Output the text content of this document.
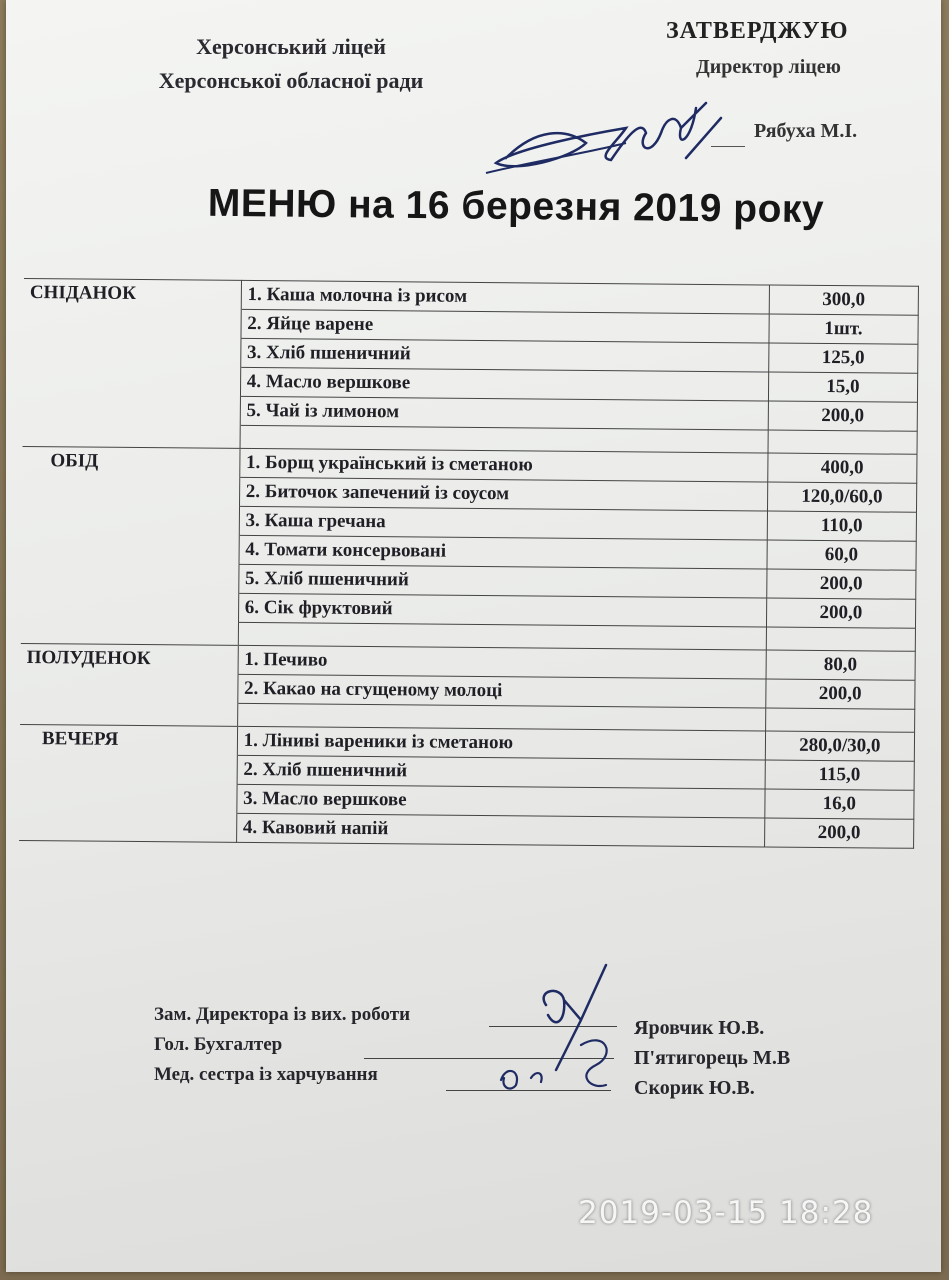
Херсонський ліцей
Херсонської обласної ради
ЗАТВЕРДЖУЮ
Директор ліцею
Рябуха М.І.
МЕНЮ на 16 березня 2019 року
СНІДАНОК	1. Каша молочна із рисом	300,0
	2. Яйце варене	1шт.
	3. Хліб пшеничний	125,0
	4. Масло вершкове	15,0
	5. Чай із лимоном	200,0

ОБІД	1. Борщ український із сметаною	400,0
	2. Биточок запечений із соусом	120,0/60,0
	3. Каша гречана	110,0
	4. Томати консервовані	60,0
	5. Хліб пшеничний	200,0
	6. Сік фруктовий	200,0

ПОЛУДЕНОК	1. Печиво	80,0
	2. Какао на сгущеному молоці	200,0

ВЕЧЕРЯ	1. Ліниві вареники із сметаною	280,0/30,0
	2. Хліб пшеничний	115,0
	3. Масло вершкове	16,0
	4. Кавовий напій	200,0
Зам. Директора із вих. роботи
Гол. Бухгалтер
Мед. сестра із харчування
Яровчик Ю.В.
П'ятигорець М.В
Скорик Ю.В.
2019-03-15 18:28
